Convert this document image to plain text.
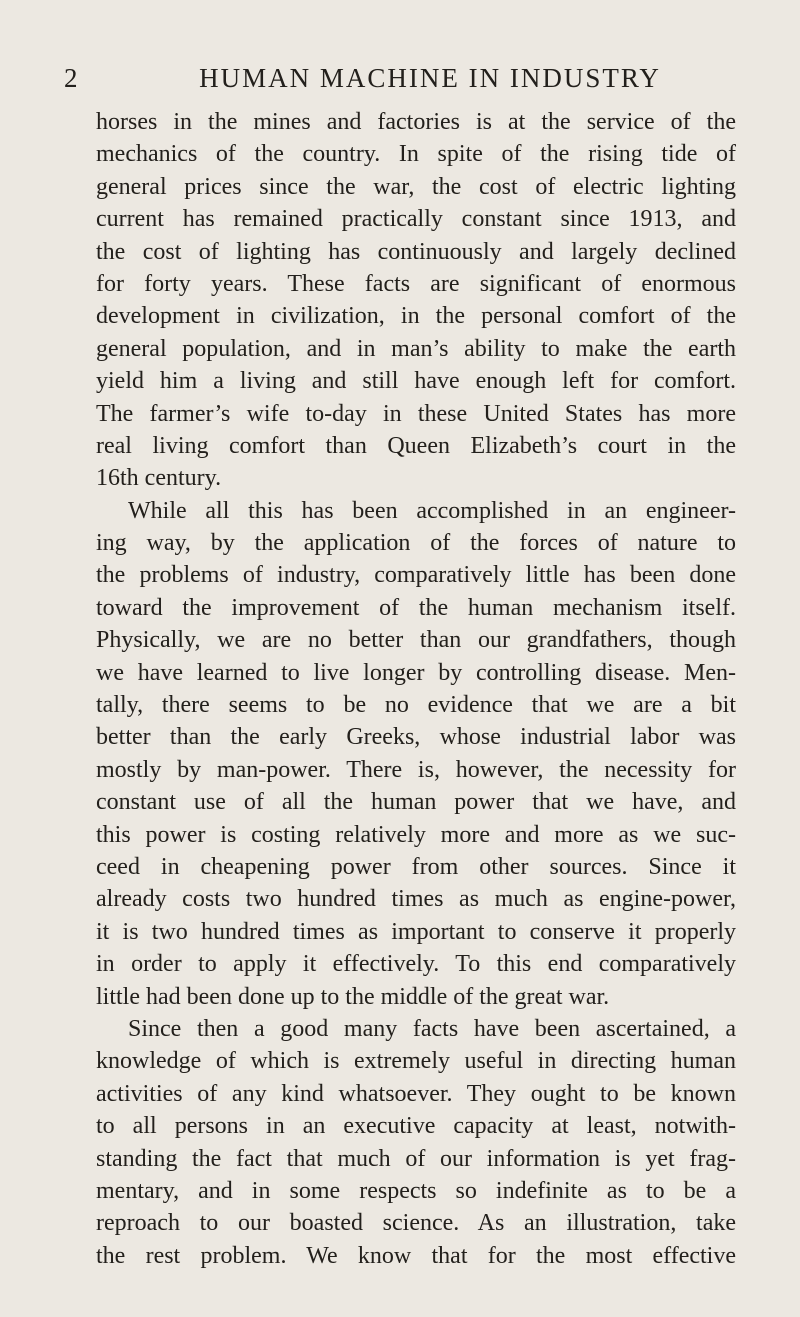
2	HUMAN MACHINE IN INDUSTRY
horses in the mines and factories is at the service of the
mechanics of the country. In spite of the rising tide of
general prices since the war, the cost of electric lighting
current has remained practically constant since 1913, and
the cost of lighting has continuously and largely declined
for forty years. These facts are significant of enormous
development in civilization, in the personal comfort of the
general population, and in man’s ability to make the earth
yield him a living and still have enough left for comfort.
The farmer’s wife to-day in these United States has more
real living comfort than Queen Elizabeth’s court in the
16th century.
While all this has been accomplished in an engineer-
ing way, by the application of the forces of nature to
the problems of industry, comparatively little has been done
toward the improvement of the human mechanism itself.
Physically, we are no better than our grandfathers, though
we have learned to live longer by controlling disease. Men-
tally, there seems to be no evidence that we are a bit
better than the early Greeks, whose industrial labor was
mostly by man-power. There is, however, the necessity for
constant use of all the human power that we have, and
this power is costing relatively more and more as we suc-
ceed in cheapening power from other sources. Since it
already costs two hundred times as much as engine-power,
it is two hundred times as important to conserve it properly
in order to apply it effectively. To this end comparatively
little had been done up to the middle of the great war.
Since then a good many facts have been ascertained, a
knowledge of which is extremely useful in directing human
activities of any kind whatsoever. They ought to be known
to all persons in an executive capacity at least, notwith-
standing the fact that much of our information is yet frag-
mentary, and in some respects so indefinite as to be a
reproach to our boasted science. As an illustration, take
the rest problem. We know that for the most effective
